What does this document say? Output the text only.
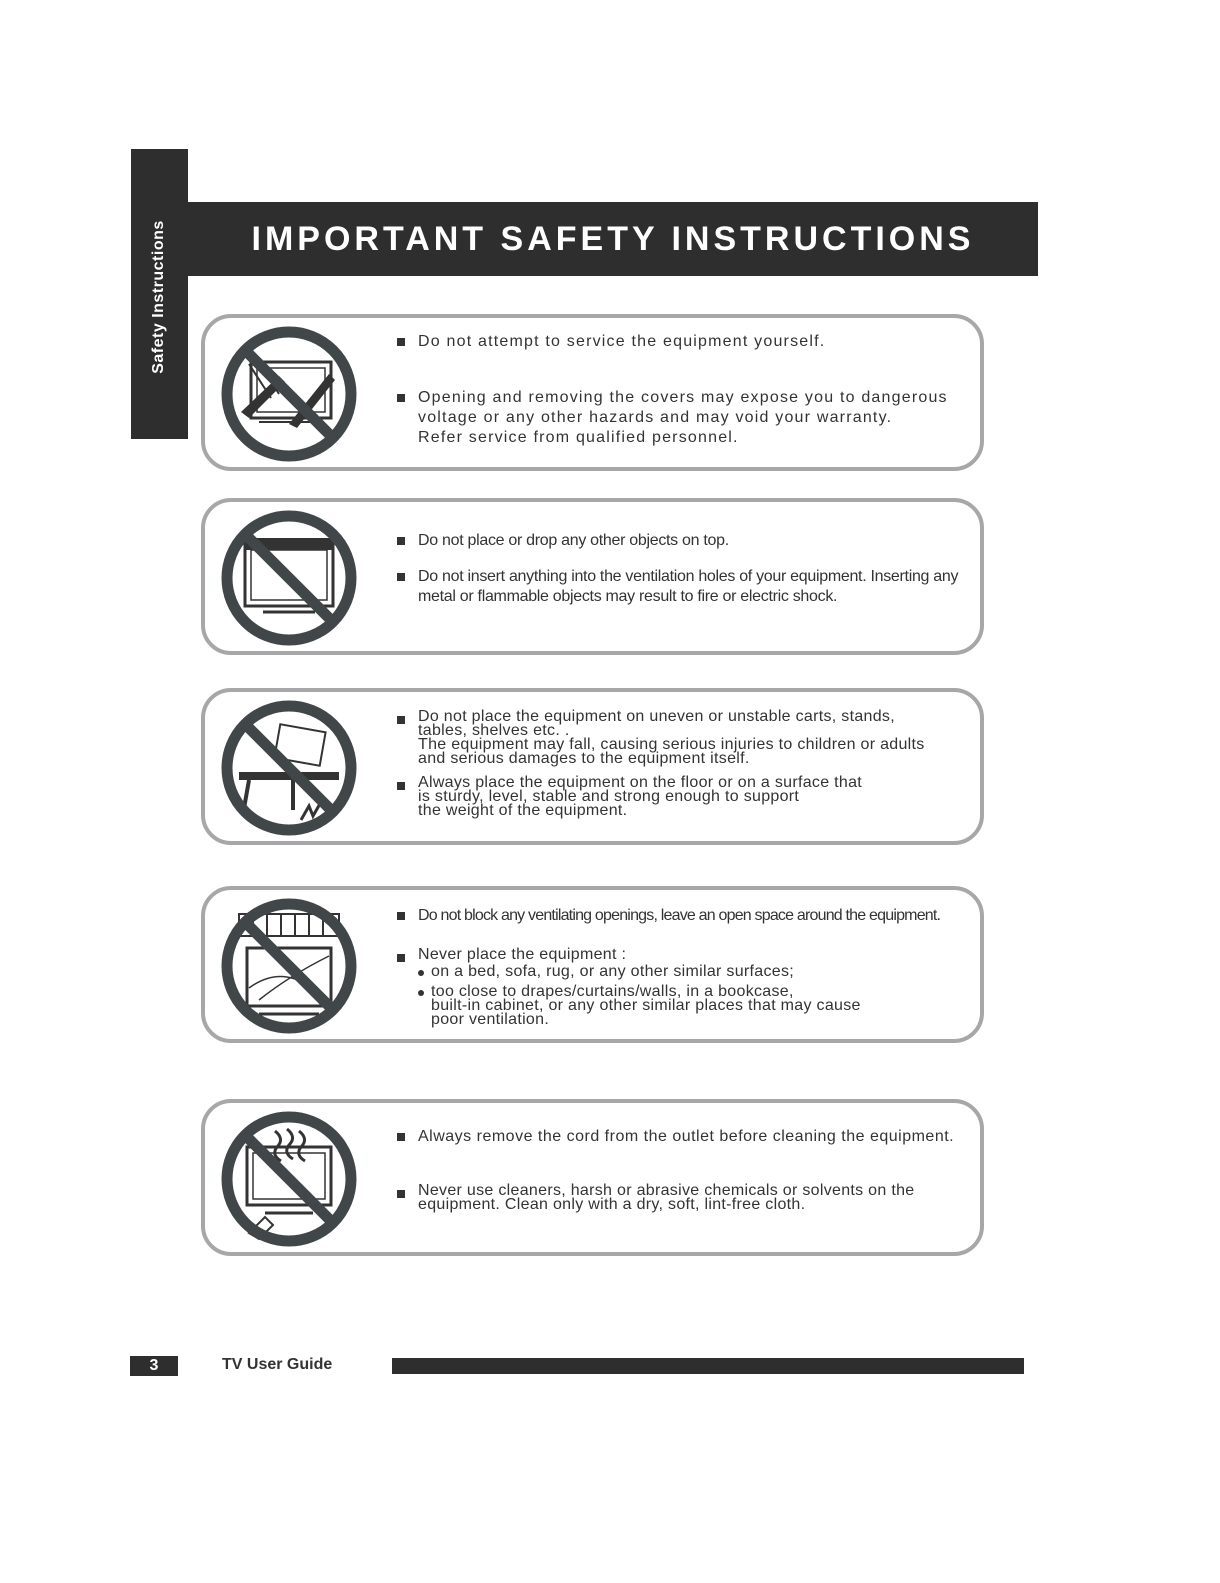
Safety Instructions	IMPORTANT SAFETY INSTRUCTIONS
Do not attempt to service the equipment yourself.
Opening and removing the covers may expose you to dangerous
voltage or any other hazards and may void your warranty.
Refer service from qualified personnel.
Do not place or drop any other objects on top.
Do not insert anything into the ventilation holes of your equipment. Inserting any
metal or flammable objects may result to fire or electric shock.
Do not place the equipment on uneven or unstable carts, stands,
tables, shelves etc. .
The equipment may fall, causing serious injuries to children or adults
and serious damages to the equipment itself.
Always place the equipment on the floor or on a surface that
is sturdy, level, stable and strong enough to support
the weight of the equipment.
Do not block any ventilating openings, leave an open space around the equipment.
Never place the equipment :
on a bed, sofa, rug, or any other similar surfaces;
too close to drapes/curtains/walls, in a bookcase,
built-in cabinet, or any other similar places that may cause
poor ventilation.
Always remove the cord from the outlet before cleaning the equipment.
Never use cleaners, harsh or abrasive chemicals or solvents on the
equipment. Clean only with a dry, soft, lint-free cloth.
3	TV User Guide
